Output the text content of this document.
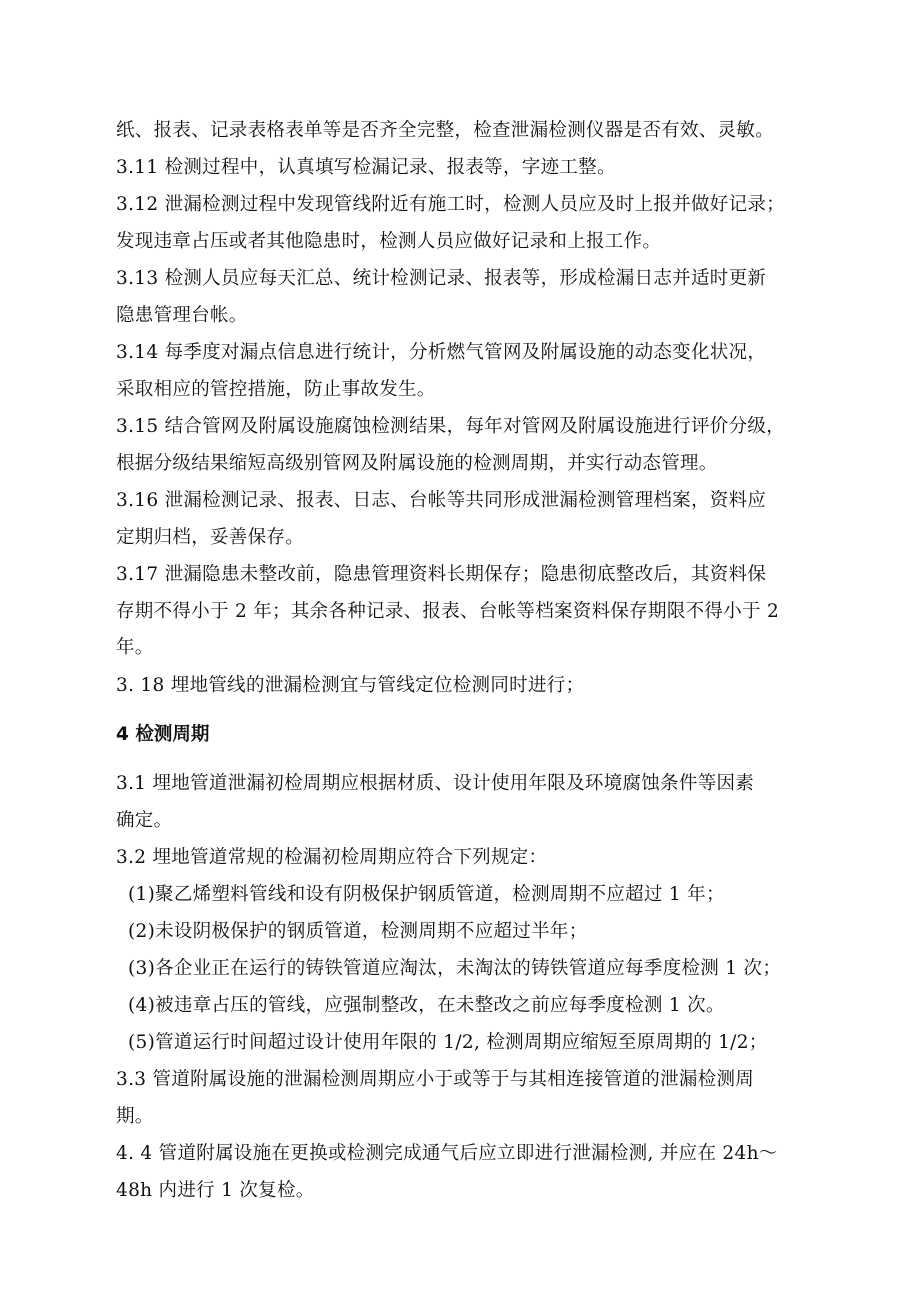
纸、报表、记录表格表单等是否齐全完整，检查泄漏检测仪器是否有效、灵敏。

3.11 检测过程中，认真填写检漏记录、报表等，字迹工整。

3.12 泄漏检测过程中发现管线附近有施工时，检测人员应及时上报并做好记录；
发现违章占压或者其他隐患时，检测人员应做好记录和上报工作。

3.13 检测人员应每天汇总、统计检测记录、报表等，形成检漏日志并适时更新
隐患管理台帐。

3.14 每季度对漏点信息进行统计，分析燃气管网及附属设施的动态变化状况，
采取相应的管控措施，防止事故发生。

3.15 结合管网及附属设施腐蚀检测结果，每年对管网及附属设施进行评价分级，
根据分级结果缩短高级别管网及附属设施的检测周期，并实行动态管理。

3.16 泄漏检测记录、报表、日志、台帐等共同形成泄漏检测管理档案，资料应
定期归档，妥善保存。

3.17 泄漏隐患未整改前，隐患管理资料长期保存；隐患彻底整改后，其资料保
存期不得小于 2 年；其余各种记录、报表、台帐等档案资料保存期限不得小于 2
年。

3. 18 埋地管线的泄漏检测宜与管线定位检测同时进行；

4 检测周期

3.1 埋地管道泄漏初检周期应根据材质、设计使用年限及环境腐蚀条件等因素
确定。

3.2 埋地管道常规的检漏初检周期应符合下列规定：

(1)聚乙烯塑料管线和设有阴极保护钢质管道，检测周期不应超过 1 年；

(2)未设阴极保护的钢质管道，检测周期不应超过半年；

(3)各企业正在运行的铸铁管道应淘汰，未淘汰的铸铁管道应每季度检测 1 次；

(4)被违章占压的管线，应强制整改，在未整改之前应每季度检测 1 次。

(5)管道运行时间超过设计使用年限的 1/2, 检测周期应缩短至原周期的 1/2；

3.3 管道附属设施的泄漏检测周期应小于或等于与其相连接管道的泄漏检测周
期。

4. 4 管道附属设施在更换或检测完成通气后应立即进行泄漏检测, 并应在 24h～
48h 内进行 1 次复检。
